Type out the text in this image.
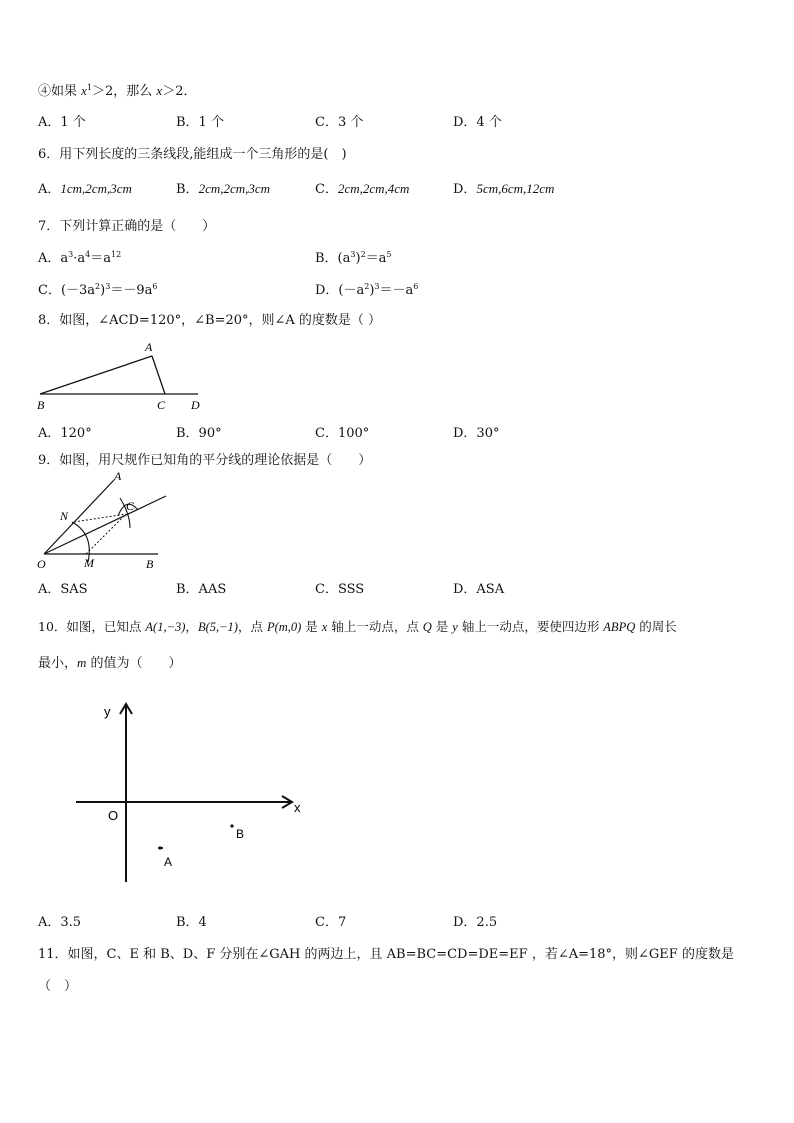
④如果 $x^1>2$，那么 x＞2．
A．1 个	B．1 个	C．3 个	D．4 个
6．用下列长度的三条线段,能组成一个三角形的是(　)
A．1cm,2cm,3cm	B．2cm,2cm,3cm	C．2cm,2cm,4cm	D．5cm,6cm,12cm
7．下列计算正确的是（　　）
A．$a^3\cdot a^4=a^{12}$	B．$(a^3)^2=a^5$
C．$(-3a^2)^3=-9a^6$	D．$(-a^2)^3=-a^6$
8．如图，∠ACD=120°，∠B=20°，则∠A 的度数是（ ）
A
B	C D
A．120°	B．90°	C．100°	D．30°
9．如图，用尺规作已知角的平分线的理论依据是（　　）
A
B
C
N
M
O
A．SAS	B．AAS	C．SSS	D．ASA
10．如图，已知点 A(1,−3)，B(5,−1)，点 P(m,0) 是 x 轴上一动点，点 Q 是 y 轴上一动点，要使四边形 ABPQ 的周长
最小，m 的值为（　　）
y
x
O
B
A
A．3.5	B．4	C．7	D．2.5
11．如图，C、E 和 B、D、F 分别在∠GAH 的两边上，且 AB=BC=CD=DE=EF ，若∠A=18°，则∠GEF 的度数是
（　）
